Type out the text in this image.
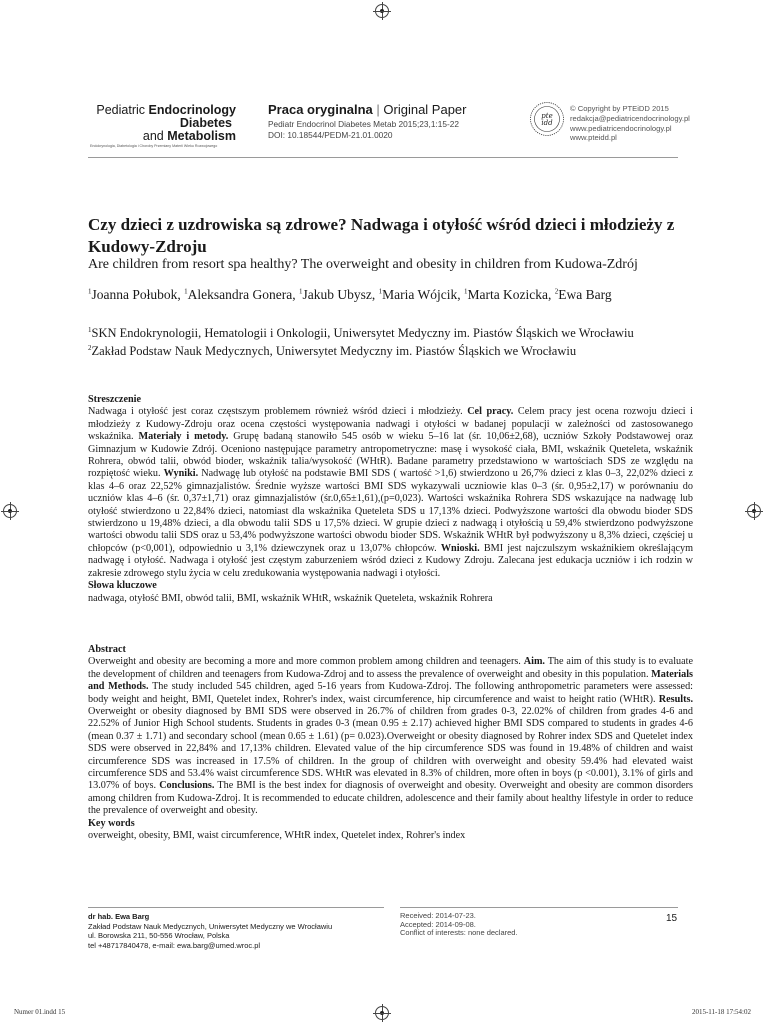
Pediatric Endocrinology
Diabetes
and Metabolism
Endokrynologia, Diabetologia i Choroby Przemiany Materii Wieku Rozwojowego
Praca oryginalna | Original Paper
Pediatr Endocrinol Diabetes Metab 2015;23,1:15-22
DOI: 10.18544/PEDM-21.01.0020
pte
idd
© Copyright by PTEiDD 2015
redakcja@pediatricendocrinology.pl
www.pediatricendocrinology.pl
www.pteidd.pl
Czy dzieci z uzdrowiska są zdrowe? Nadwaga i otyłość wśród dzieci i młodzieży z Kudowy-Zdroju
Are children from resort spa healthy? The overweight and obesity in children from Kudowa-Zdrój
$^1$Joanna Połubok, $^1$Aleksandra Gonera, $^1$Jakub Ubysz, $^1$Maria Wójcik, $^1$Marta Kozicka, $^2$Ewa Barg
$^1$SKN Endokrynologii, Hematologii i Onkologii, Uniwersytet Medyczny im. Piastów Śląskich we Wrocławiu
$^2$Zakład Podstaw Nauk Medycznych, Uniwersytet Medyczny im. Piastów Śląskich we Wrocławiu
Streszczenie

Nadwaga i otyłość jest coraz częstszym problemem również wśród dzieci i młodzieży. Cel pracy. Celem pracy jest ocena rozwoju dzieci i młodzieży z Kudowy-Zdroju oraz ocena częstości występowania nadwagi i otyłości w badanej populacji w zależności od zastosowanego wskaźnika. Materiały i metody. Grupę badaną stanowiło 545 osób w wieku 5–16 lat (śr. 10,06±2,68), uczniów Szkoły Podstawowej oraz Gimnazjum w Kudowie Zdrój. Oceniono następujące parametry antropometryczne: masę i wysokość ciała, BMI, wskaźnik Queteleta, wskaźnik Rohrera, obwód talii, obwód bioder, wskaźnik talia/wysokość (WHtR). Badane parametry przedstawiono w wartościach SDS ze względu na rozpiętość wieku. Wyniki. Nadwagę lub otyłość na podstawie BMI SDS ( wartość >1,6) stwierdzono u 26,7% dzieci z klas 0–3, 22,02% dzieci z klas 4–6 oraz 22,52% gimnazjalistów. Średnie wyższe wartości BMI SDS wykazywali uczniowie klas 0–3 (śr. 0,95±2,17) w porównaniu do uczniów klas 4–6 (śr. 0,37±1,71) oraz gimnazjalistów (śr.0,65±1,61),(p=0,023). Wartości wskaźnika Rohrera SDS wskazujące na nadwagę lub otyłość stwierdzono u 22,84% dzieci, natomiast dla wskaźnika Queteleta SDS u 17,13% dzieci. Podwyższone wartości dla obwodu bioder SDS stwierdzono u 19,48% dzieci, a dla obwodu talii SDS u 17,5% dzieci. W grupie dzieci z nadwagą i otyłością u 59,4% stwierdzono podwyższone wartości obwodu talii SDS oraz u 53,4% podwyższone wartości obwodu bioder SDS. Wskaźnik WHtR był podwyższony u 8,3% dzieci, częściej u chłopców (p<0,001), odpowiednio u 3,1% dziewczynek oraz u 13,07% chłopców. Wnioski. BMI jest najczulszym wskaźnikiem określającym nadwagę i otyłość. Nadwaga i otyłość jest częstym zaburzeniem wśród dzieci z Kudowy Zdroju. Zalecana jest edukacja uczniów i ich rodzin w zakresie zdrowego stylu życia w celu zredukowania występowania nadwagi i otyłości.

Słowa kluczowe

nadwaga, otyłość BMI, obwód talii, BMI, wskaźnik WHtR, wskaźnik Queteleta, wskaźnik Rohrera

Abstract

Overweight and obesity are becoming a more and more common problem among children and teenagers. Aim. The aim of this study is to evaluate the development of children and teenagers from Kudowa-Zdroj and to assess the prevalence of overweight and obesity in this population. Materials and Methods. The study included 545 children, aged 5-16 years from Kudowa-Zdroj. The following anthropometric parameters were assessed: body weight and height, BMI, Quetelet index, Rohrer's index, waist circumference, hip circumference and waist to height ratio (WHtR). Results. Overweight or obesity diagnosed by BMI SDS were observed in 26.7% of children from grades 0-3, 22.02% of children from grades 4-6 and 22.52% of Junior High School students. Students in grades 0-3 (mean 0.95 ± 2.17) achieved higher BMI SDS compared to students in grades 4-6 (mean 0.37 ± 1.71) and secondary school (mean 0.65 ± 1.61) (p= 0.023).Overweight or obesity diagnosed by Rohrer index SDS and Quetelet index SDS were observed in 22,84% and 17,13% children. Elevated value of the hip circumference SDS was found in 19.48% of children and waist circumference SDS was increased in 17.5% of children. In the group of children with overweight and obesity 59.4% had elevated waist circumference SDS and 53.4% waist circumference SDS. WHtR was elevated in 8.3% of children, more often in boys (p <0.001), 3.1% of girls and 13.07% of boys. Conclusions. The BMI is the best index for diagnosis of overweight and obesity. Overweight and obesity are common disorders among children from Kudowa-Zdroj. It is recommended to educate children, adolescence and their family about healthy lifestyle in order to reduce the prevalence of overweight and obesity.

Key words

overweight, obesity, BMI, waist circumference, WHtR index, Quetelet index, Rohrer's index

dr hab. Ewa Barg
Zakład Podstaw Nauk Medycznych, Uniwersytet Medyczny we Wrocławiu
ul. Borowska 211, 50-556 Wrocław, Polska
tel +48717840478, e-mail: ewa.barg@umed.wroc.pl
Received: 2014-07-23.
Accepted: 2014-09-08.
Conflict of interests: none declared.
15
Numer 01.indd 15	2015-11-18 17:54:02
